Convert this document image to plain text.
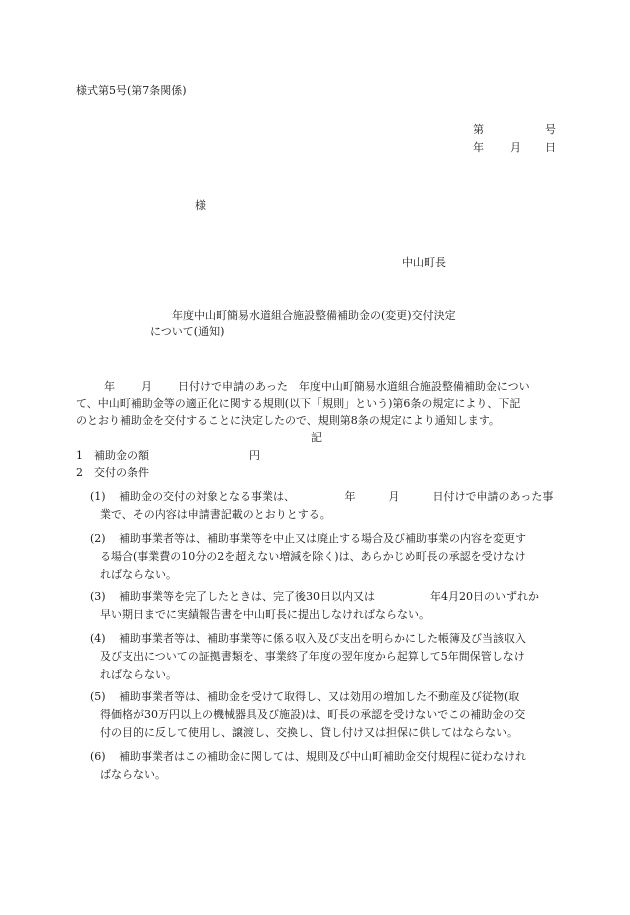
様式第5号(第7条関係)
第	号
年 月 日
様
中山町長
年度中山町簡易水道組合施設整備補助金の(変更)交付決定
について(通知)
年 月 日付けで申請のあった　年度中山町簡易水道組合施設整備補助金につい
て、中山町補助金等の適正化に関する規則(以下「規則」という)第6条の規定により、下記
のとおり補助金を交付することに決定したので、規則第8条の規定により通知します。
記
1　補助金の額	円
2　交付の条件
(1) 補助金の交付の対象となる事業は、　　　　　年　　　月　　　日付けで申請のあった事
業で、その内容は申請書記載のとおりとする。
(2) 補助事業者等は、補助事業等を中止又は廃止する場合及び補助事業の内容を変更す
る場合(事業費の10分の2を超えない増減を除く)は、あらかじめ町長の承認を受けなけ
ればならない。
(3) 補助事業等を完了したときは、完了後30日以内又は　　　　　年4月20日のいずれか
早い期日までに実績報告書を中山町長に提出しなければならない。
(4) 補助事業者等は、補助事業等に係る収入及び支出を明らかにした帳簿及び当該収入
及び支出についての証拠書類を、事業終了年度の翌年度から起算して5年間保管しなけ
ればならない。
(5) 補助事業者等は、補助金を受けて取得し、又は効用の増加した不動産及び従物(取
得価格が30万円以上の機械器具及び施設)は、町長の承認を受けないでこの補助金の交
付の目的に反して使用し、譲渡し、交換し、貸し付け又は担保に供してはならない。
(6) 補助事業者はこの補助金に関しては、規則及び中山町補助金交付規程に従わなけれ
ばならない。
